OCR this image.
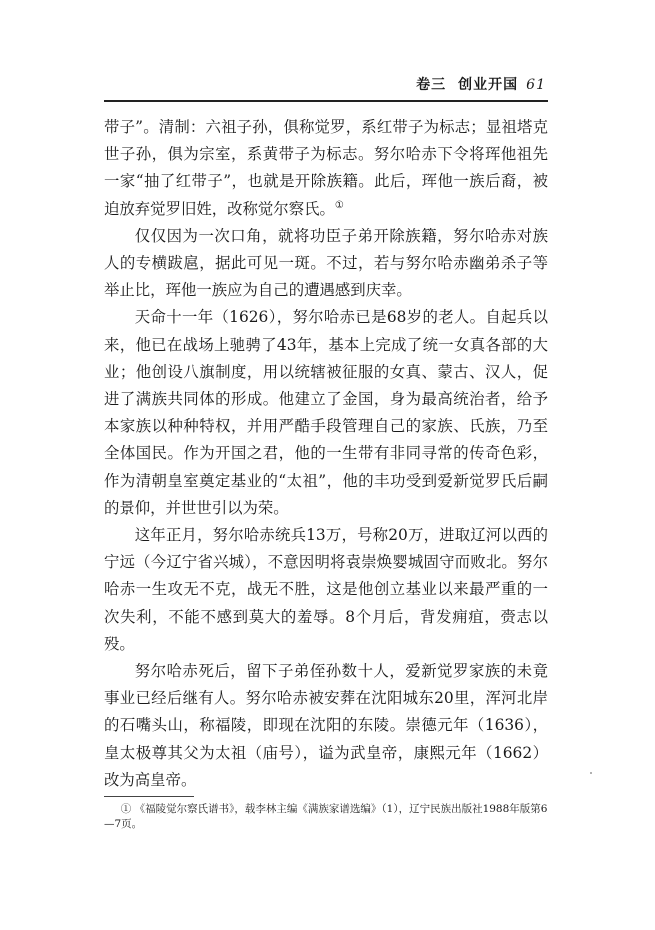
卷三 创业开国 61

带子”。清制：六祖子孙，俱称觉罗，系红带子为标志；显祖塔克世子孙，俱为宗室，系黄带子为标志。努尔哈赤下令将珲他祖先一家“抽了红带子”，也就是开除族籍。此后，珲他一族后裔，被迫放弃觉罗旧姓，改称觉尔察氏。①

仅仅因为一次口角，就将功臣子弟开除族籍，努尔哈赤对族人的专横跋扈，据此可见一斑。不过，若与努尔哈赤幽弟杀子等举止比，珲他一族应为自己的遭遇感到庆幸。

天命十一年（1626），努尔哈赤已是68岁的老人。自起兵以来，他已在战场上驰骋了43年，基本上完成了统一女真各部的大业；他创设八旗制度，用以统辖被征服的女真、蒙古、汉人，促进了满族共同体的形成。他建立了金国，身为最高统治者，给予本家族以种种特权，并用严酷手段管理自己的家族、氏族，乃至全体国民。作为开国之君，他的一生带有非同寻常的传奇色彩，作为清朝皇室奠定基业的“太祖”，他的丰功受到爱新觉罗氏后嗣的景仰，并世世引以为荣。

这年正月，努尔哈赤统兵13万，号称20万，进取辽河以西的宁远（今辽宁省兴城），不意因明将袁崇焕婴城固守而败北。努尔哈赤一生攻无不克，战无不胜，这是他创立基业以来最严重的一次失利，不能不感到莫大的羞辱。8个月后，背发痈疽，赍志以殁。

努尔哈赤死后，留下子弟侄孙数十人，爱新觉罗家族的未竟事业已经后继有人。努尔哈赤被安葬在沈阳城东20里，浑河北岸的石嘴头山，称福陵，即现在沈阳的东陵。崇德元年（1636），皇太极尊其父为太祖（庙号），谥为武皇帝，康熙元年（1662）改为高皇帝。

① 《福陵觉尔察氏谱书》，载李林主编《满族家谱选编》（1），辽宁民族出版社1988年版第6—7页。
